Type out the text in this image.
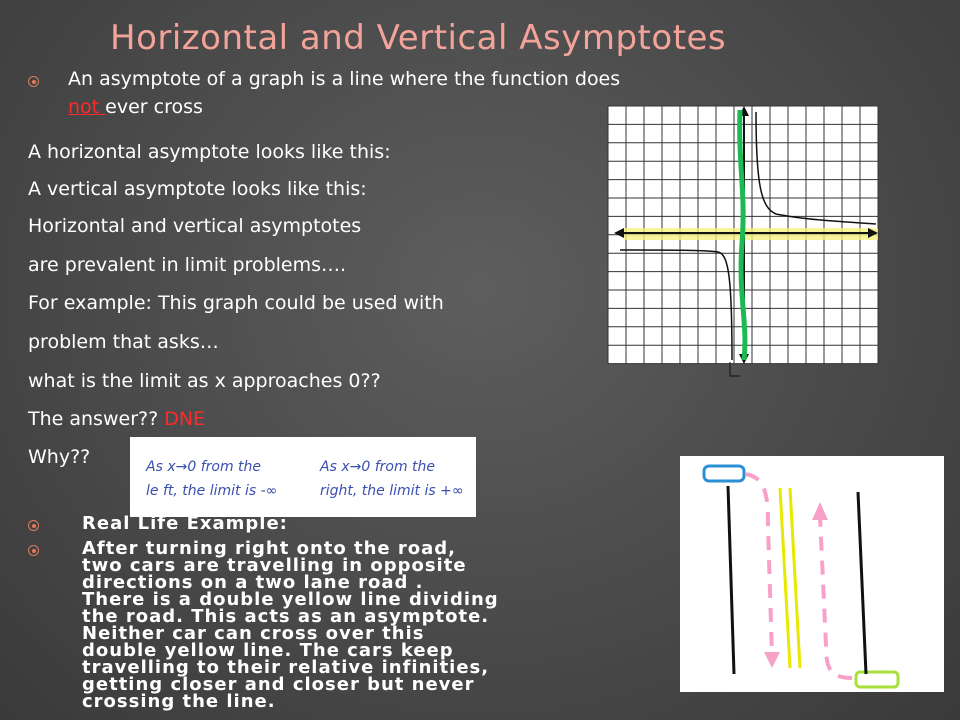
Horizontal and Vertical Asymptotes
An asymptote of a graph is a line where the function does
not ever cross
A horizontal asymptote looks like this:
A vertical asymptote looks like this:
Horizontal and vertical asymptotes
are prevalent in limit problems….
For example: This graph could be used with
problem that asks…
what is the limit as x approaches 0??
The answer?? DNE
Why??	As x→0 from the
le ft, the limit is -∞
As x→0 from the
right, the limit is +∞
Real Life Example:
After turning right onto the road,
two cars are travelling in opposite
directions on a two lane road .
There is a double yellow line dividing
the road. This acts as an asymptote.
Neither car can cross over this
double yellow line. The cars keep
travelling to their relative infinities,
getting closer and closer but never
crossing the line.
